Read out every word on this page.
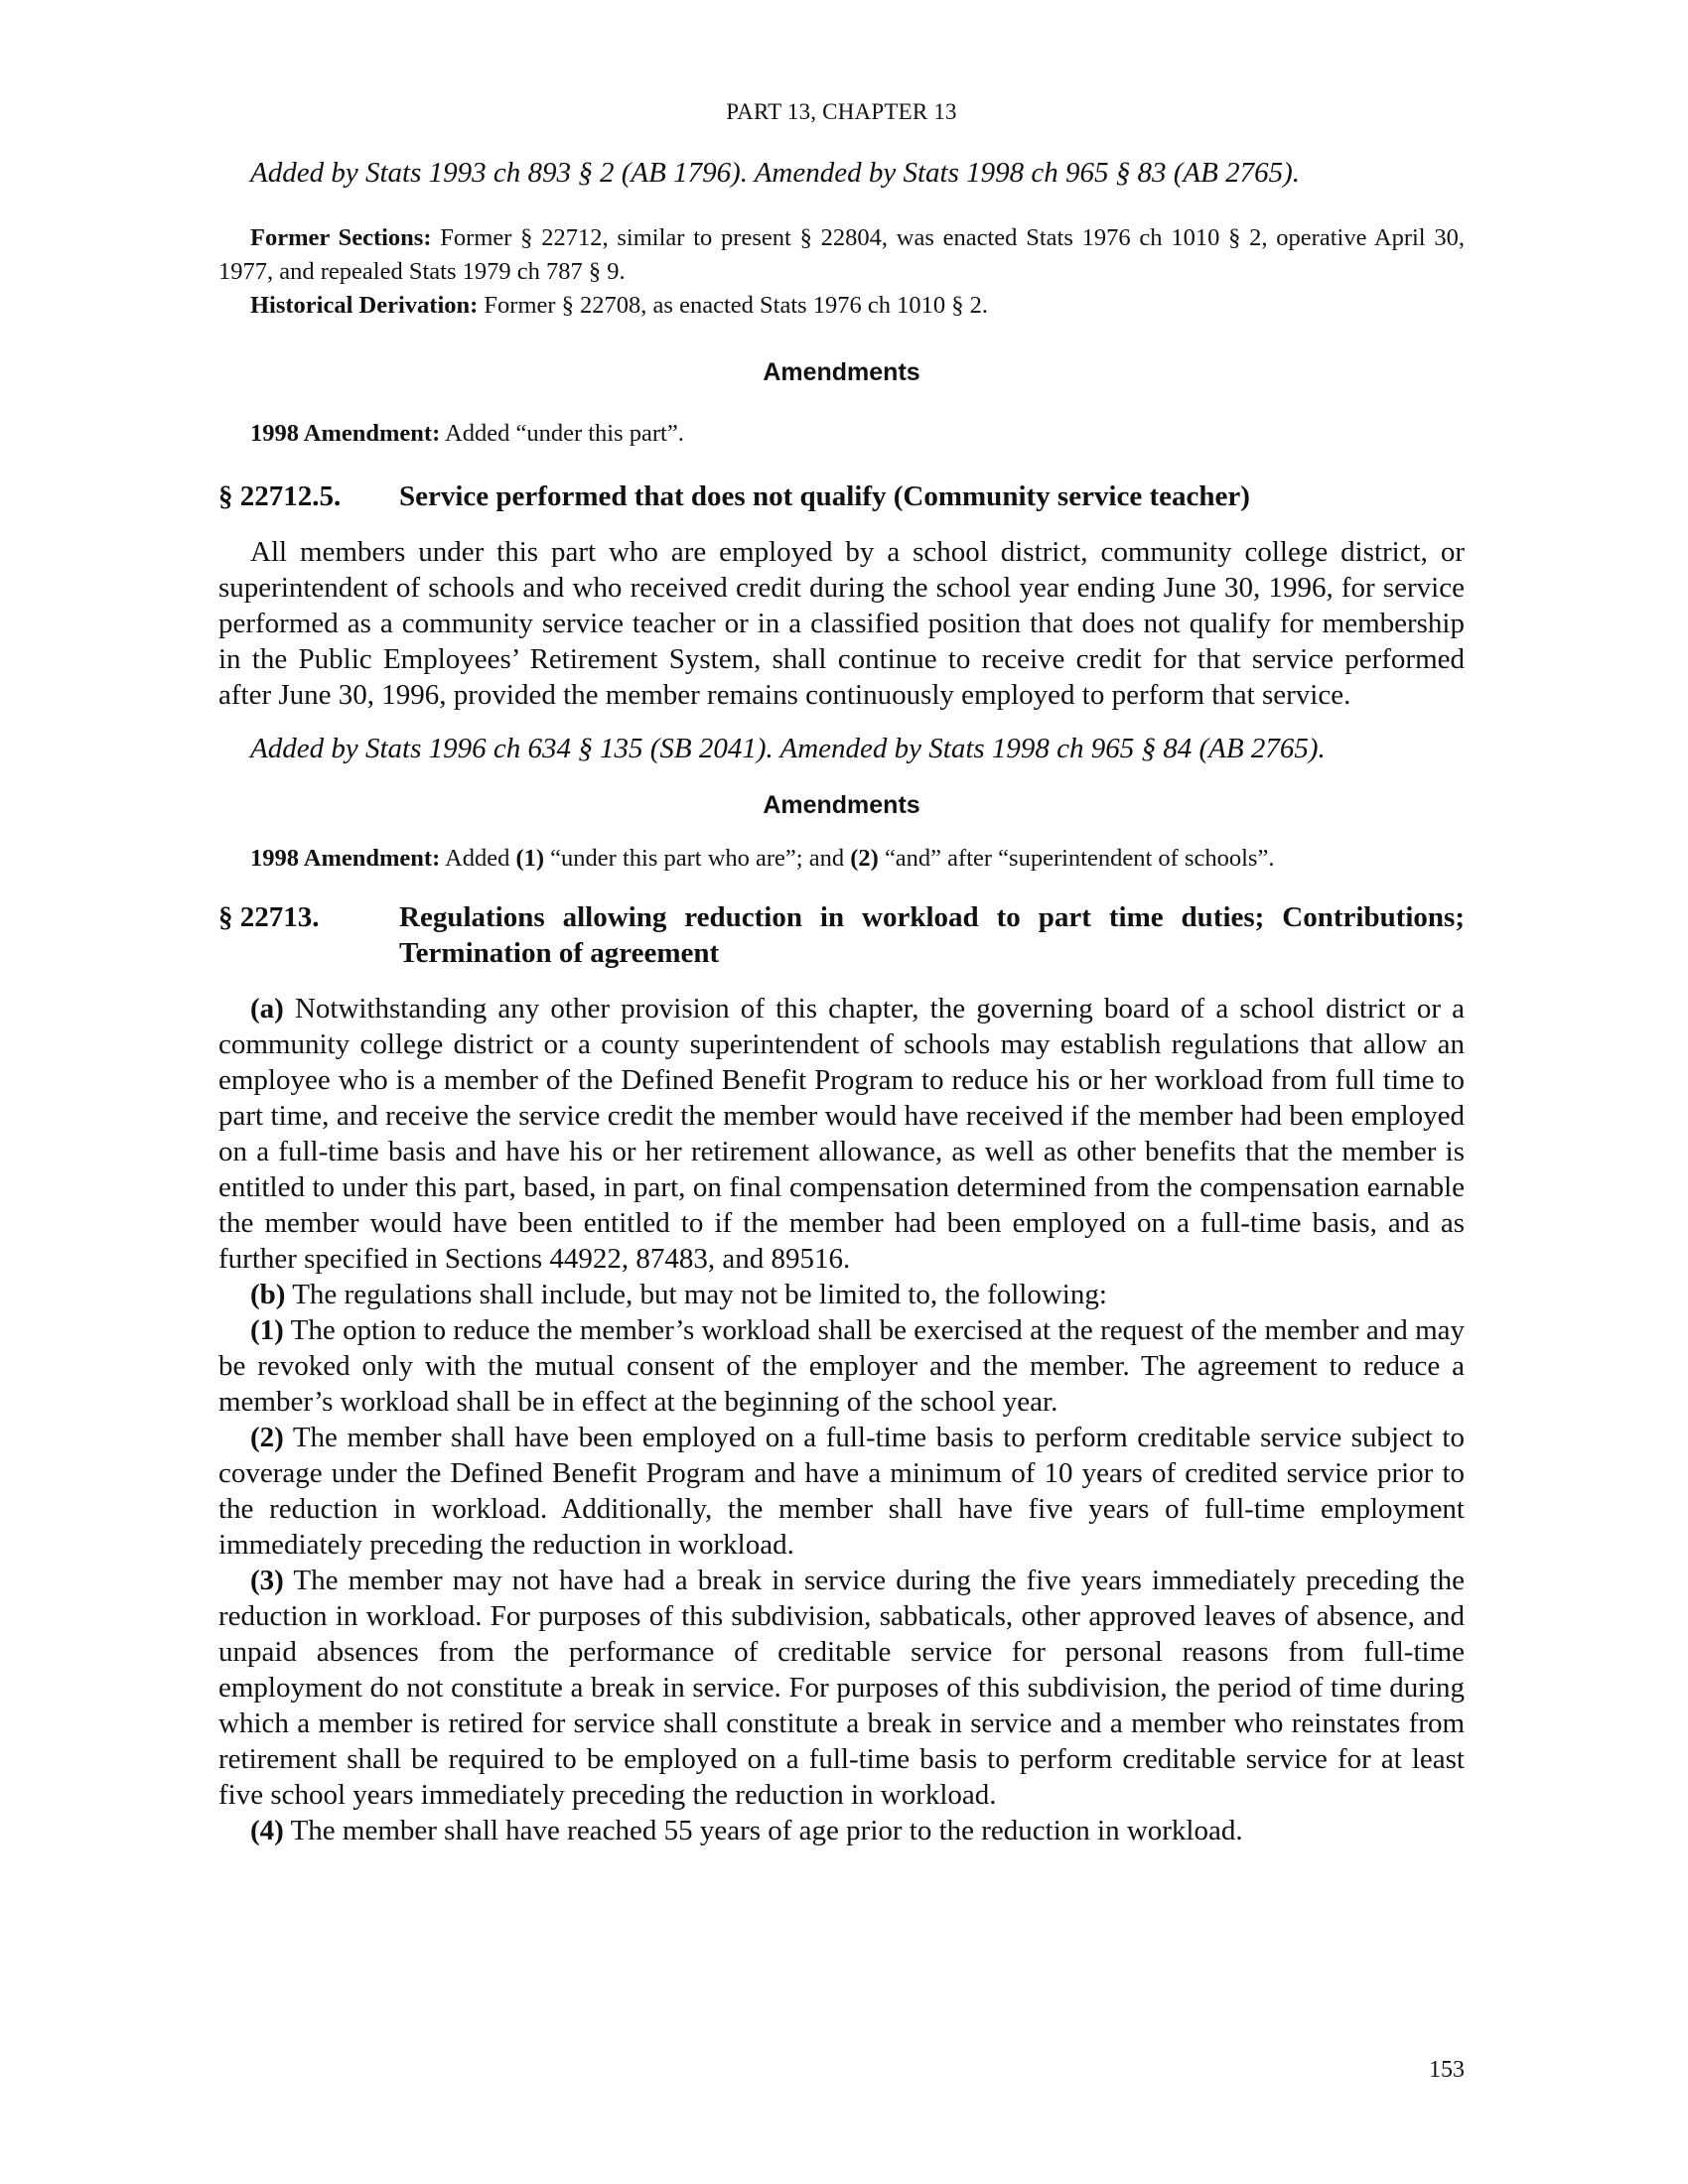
PART 13, CHAPTER 13

Added by Stats 1993 ch 893 § 2 (AB 1796). Amended by Stats 1998 ch 965 § 83 (AB 2765).

Former Sections: Former § 22712, similar to present § 22804, was enacted Stats 1976 ch 1010 § 2, operative April 30, 1977, and repealed Stats 1979 ch 787 § 9.

Historical Derivation: Former § 22708, as enacted Stats 1976 ch 1010 § 2.

Amendments

1998 Amendment: Added “under this part”.

§ 22712.5.	Service performed that does not qualify (Community service teacher)

All members under this part who are employed by a school district, community college district, or superintendent of schools and who received credit during the school year ending June 30, 1996, for service performed as a community service teacher or in a classified position that does not qualify for membership in the Public Employees’ Retirement System, shall continue to receive credit for that service performed after June 30, 1996, provided the member remains continuously employed to perform that service.

Added by Stats 1996 ch 634 § 135 (SB 2041). Amended by Stats 1998 ch 965 § 84 (AB 2765).

Amendments

1998 Amendment: Added (1) “under this part who are”; and (2) “and” after “superintendent of schools”.

§ 22713.	Regulations allowing reduction in workload to part time duties; Contributions; Termination of agreement

(a) Notwithstanding any other provision of this chapter, the governing board of a school district or a community college district or a county superintendent of schools may establish regulations that allow an employee who is a member of the Defined Benefit Program to reduce his or her workload from full time to part time, and receive the service credit the member would have received if the member had been employed on a full-time basis and have his or her retirement allowance, as well as other benefits that the member is entitled to under this part, based, in part, on final compensation determined from the compensation earnable the member would have been entitled to if the member had been employed on a full-time basis, and as further specified in Sections 44922, 87483, and 89516.

(b) The regulations shall include, but may not be limited to, the following:

(1) The option to reduce the member’s workload shall be exercised at the request of the member and may be revoked only with the mutual consent of the employer and the member. The agreement to reduce a member’s workload shall be in effect at the beginning of the school year.

(2) The member shall have been employed on a full-time basis to perform creditable service subject to coverage under the Defined Benefit Program and have a minimum of 10 years of credited service prior to the reduction in workload. Additionally, the member shall have five years of full-time employment immediately preceding the reduction in workload.

(3) The member may not have had a break in service during the five years immediately preceding the reduction in workload. For purposes of this subdivision, sabbaticals, other approved leaves of absence, and unpaid absences from the performance of creditable service for personal reasons from full-time employment do not constitute a break in service. For purposes of this subdivision, the period of time during which a member is retired for service shall constitute a break in service and a member who reinstates from retirement shall be required to be employed on a full-time basis to perform creditable service for at least five school years immediately preceding the reduction in workload.

(4) The member shall have reached 55 years of age prior to the reduction in workload.

153
